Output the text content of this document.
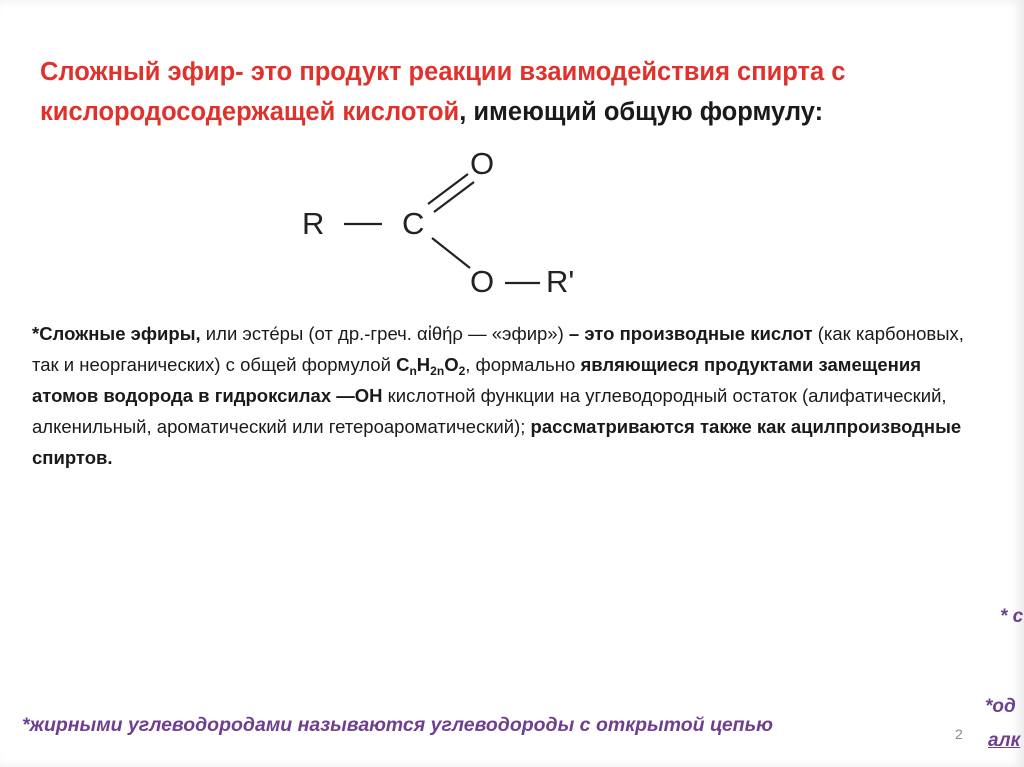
Сложный эфир- это продукт реакции взаимодействия спирта с кислородосодержащей кислотой, имеющий общую формулу:
R	C
O
O R'
*Сложные эфиры, или эсте́ры (от др.-греч. αἰθήρ — «эфир») – это производные кислот (как карбоновых, так и неорганических) с общей формулой $C_nH_{2n}O_2$, формально являющиеся продуктами замещения атомов водорода в гидроксилах —ОН кислотной функции на углеводородный остаток (алифатический, алкенильный, ароматический или гетероароматический); рассматриваются также как ацилпроизводные спиртов.
*жирными углеводородами называются углеводороды с открытой цепью
* с
*од
алк
2
